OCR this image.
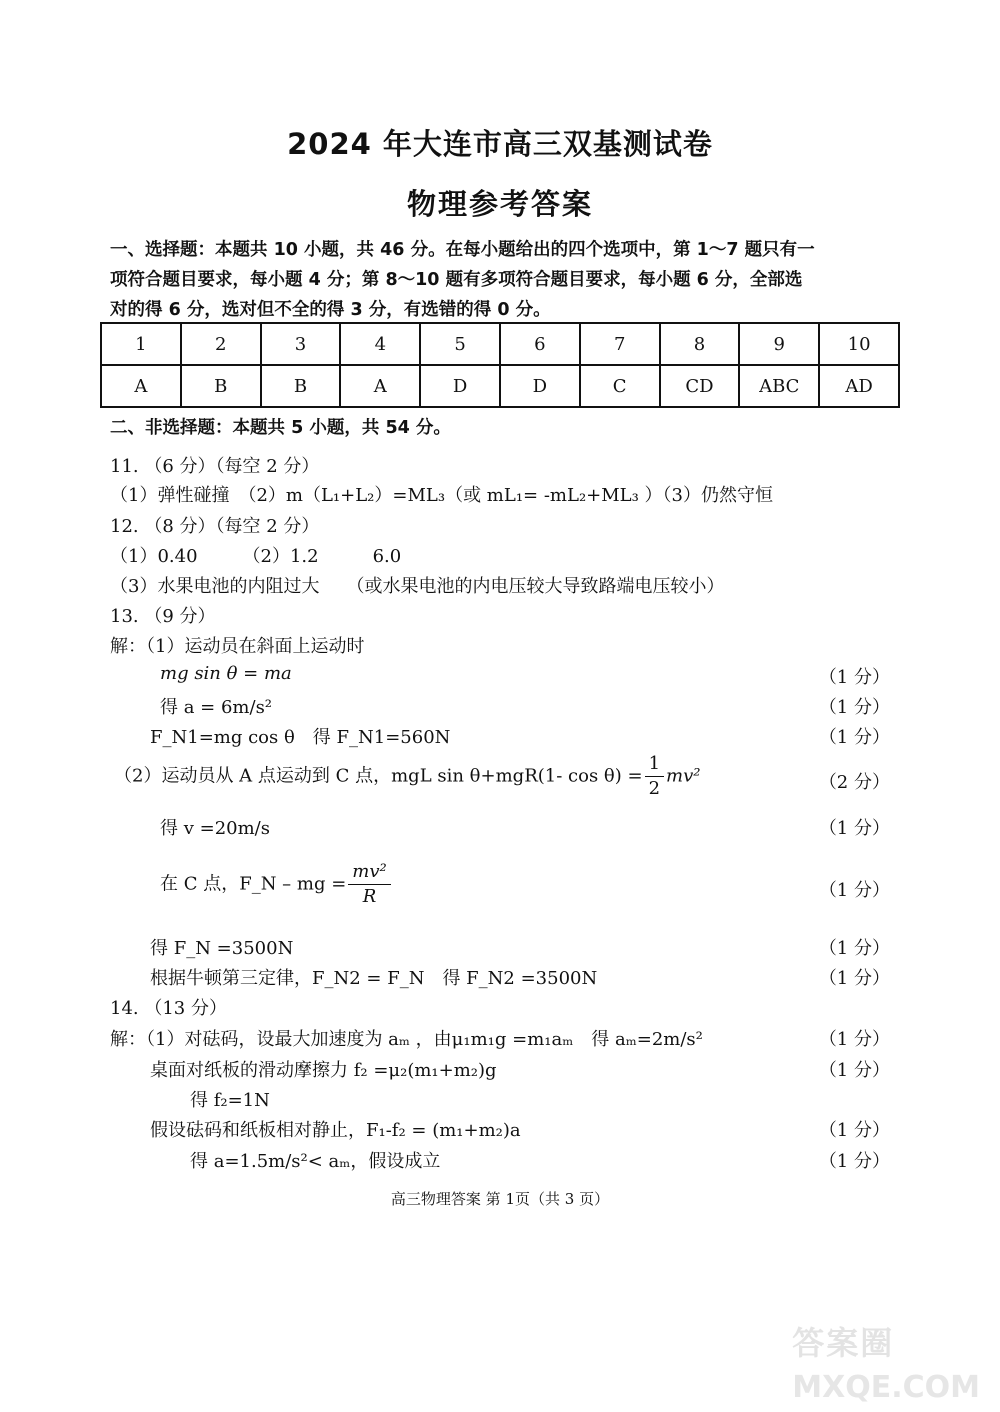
2024 年大连市高三双基测试卷
物理参考答案
一、选择题：本题共 10 小题，共 46 分。在每小题给出的四个选项中，第 1～7 题只有一
项符合题目要求，每小题 4 分；第 8～10 题有多项符合题目要求，每小题 6 分，全部选
对的得 6 分，选对但不全的得 3 分，有选错的得 0 分。
1	2	3	4	5	6	7	8	9	10
A	B	B	A	D	D	C	CD	ABC	AD
二、非选择题：本题共 5 小题，共 54 分。
11. （6 分）（每空 2 分）
（1）弹性碰撞　（2）m（L₁+L₂）=ML₃（或 mL₁= -mL₂+ML₃ ）（3）仍然守恒
12. （8 分）（每空 2 分）
（1）0.40　　　（2）1.2　　　6.0
（3）水果电池的内阻过大　　（或水果电池的内电压较大导致路端电压较小）
13. （9 分）
解：（1）运动员在斜面上运动时
mg sin θ = ma	（1 分）
得 a = 6m/s²	（1 分）
F_N1=mg cos θ　得 F_N1=560N	（1 分）
（2）运动员从 A 点运动到 C 点，mgL sin θ+mgR(1- $\cos \theta) = \frac{1}{2} mv^2$	（2 分）
得 v =20m/s	（1 分）
在 C 点，F_N – mg = $\frac{\text{mv²}}{R}$	（1 分）
得 F_N =3500N	（1 分）
根据牛顿第三定律，F_N2 = F_N　得 F_N2 =3500N	（1 分）
14. （13 分）
解：（1）对砝码，设最大加速度为 aₘ ，由μ₁m₁g =m₁aₘ　得 aₘ=2m/s²	（1 分）
桌面对纸板的滑动摩擦力 f₂ =μ₂(m₁+m₂)g	（1 分）
得 f₂=1N
假设砝码和纸板相对静止，F₁-f₂ = (m₁+m₂)a	（1 分）
得 a=1.5m/s²< aₘ，假设成立	（1 分）
高三物理答案 第 1页（共 3 页）
答案圈
MXQE.COM
